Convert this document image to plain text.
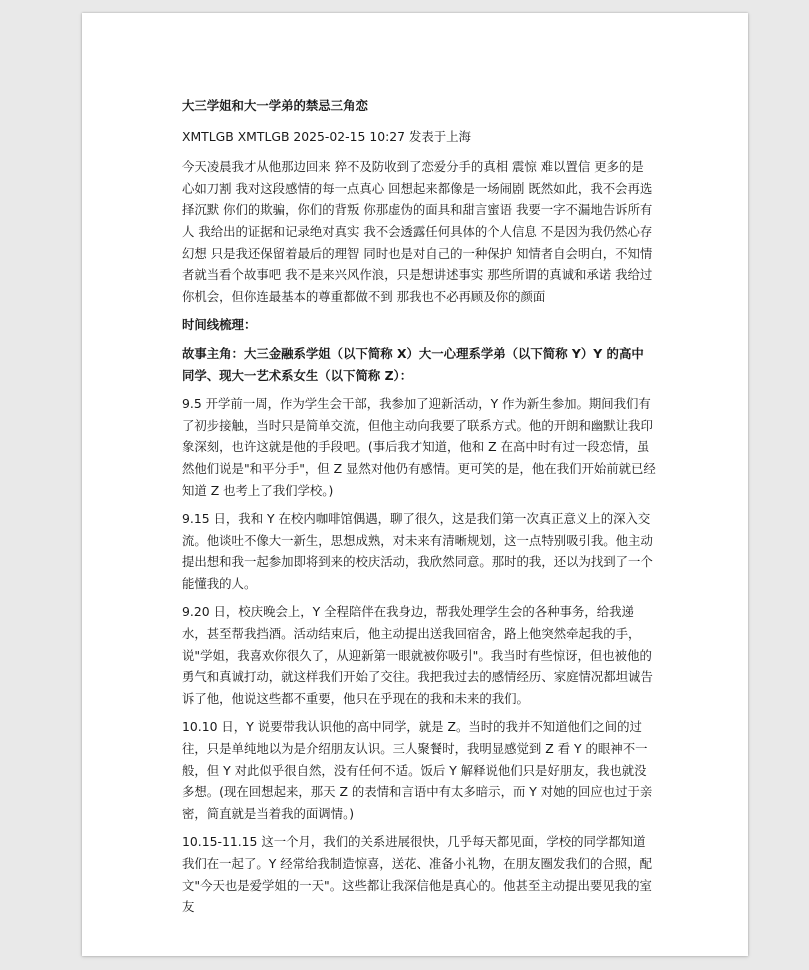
大三学姐和大一学弟的禁忌三角恋

XMTLGB XMTLGB 2025-02-15 10:27 发表于上海

今天凌晨我才从他那边回来 猝不及防收到了恋爱分手的真相 震惊 难以置信 更多的是心如刀割 我对这段感情的每一点真心 回想起来都像是一场闹剧 既然如此，我不会再选择沉默 你们的欺骗，你们的背叛 你那虚伪的面具和甜言蜜语 我要一字不漏地告诉所有人 我给出的证据和记录绝对真实 我不会透露任何具体的个人信息 不是因为我仍然心存幻想 只是我还保留着最后的理智 同时也是对自己的一种保护 知情者自会明白，不知情者就当看个故事吧 我不是来兴风作浪，只是想讲述事实 那些所谓的真诚和承诺 我给过你机会，但你连最基本的尊重都做不到 那我也不必再顾及你的颜面

时间线梳理：

故事主角：大三金融系学姐（以下简称 X）大一心理系学弟（以下简称 Y）Y 的高中同学、现大一艺术系女生（以下简称 Z）：

9.5 开学前一周，作为学生会干部，我参加了迎新活动，Y 作为新生参加。期间我们有了初步接触，当时只是简单交流，但他主动向我要了联系方式。他的开朗和幽默让我印象深刻，也许这就是他的手段吧。(事后我才知道，他和 Z 在高中时有过一段恋情，虽然他们说是"和平分手"，但 Z 显然对他仍有感情。更可笑的是，他在我们开始前就已经知道 Z 也考上了我们学校。)

9.15 日，我和 Y 在校内咖啡馆偶遇，聊了很久，这是我们第一次真正意义上的深入交流。他谈吐不像大一新生，思想成熟，对未来有清晰规划，这一点特别吸引我。他主动提出想和我一起参加即将到来的校庆活动，我欣然同意。那时的我，还以为找到了一个能懂我的人。

9.20 日，校庆晚会上，Y 全程陪伴在我身边，帮我处理学生会的各种事务，给我递水，甚至帮我挡酒。活动结束后，他主动提出送我回宿舍，路上他突然牵起我的手，说"学姐，我喜欢你很久了，从迎新第一眼就被你吸引"。我当时有些惊讶，但也被他的勇气和真诚打动，就这样我们开始了交往。我把我过去的感情经历、家庭情况都坦诚告诉了他，他说这些都不重要，他只在乎现在的我和未来的我们。

10.10 日，Y 说要带我认识他的高中同学，就是 Z。当时的我并不知道他们之间的过往，只是单纯地以为是介绍朋友认识。三人聚餐时，我明显感觉到 Z 看 Y 的眼神不一般，但 Y 对此似乎很自然，没有任何不适。饭后 Y 解释说他们只是好朋友，我也就没多想。(现在回想起来，那天 Z 的表情和言语中有太多暗示，而 Y 对她的回应也过于亲密，简直就是当着我的面调情。)

10.15-11.15 这一个月，我们的关系进展很快，几乎每天都见面，学校的同学都知道我们在一起了。Y 经常给我制造惊喜，送花、准备小礼物，在朋友圈发我们的合照，配文"今天也是爱学姐的一天"。这些都让我深信他是真心的。他甚至主动提出要见我的室友
